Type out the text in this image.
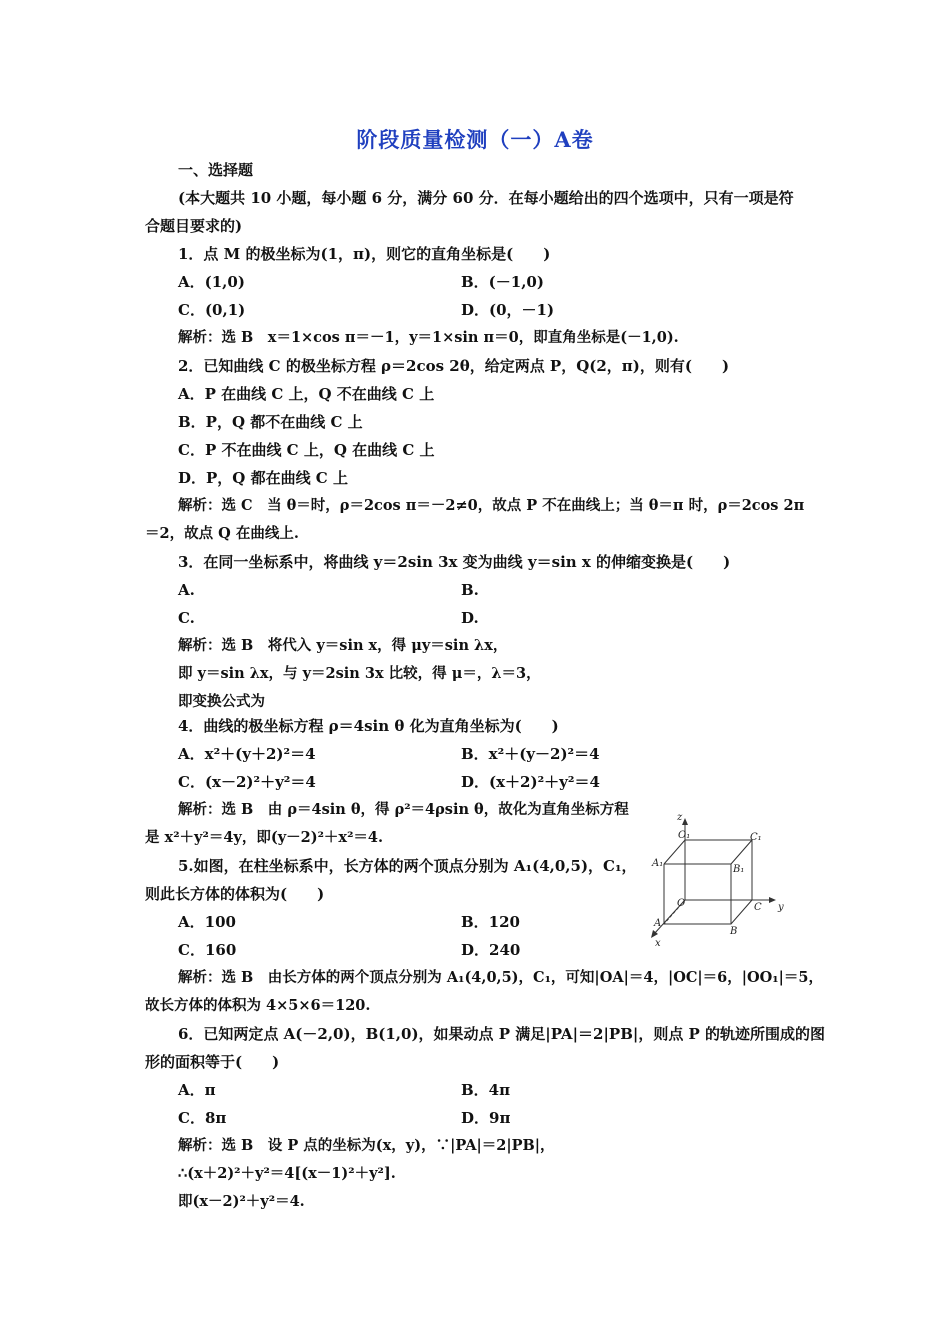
阶段质量检测（一）A卷
一、选择题
(本大题共 10 小题，每小题 6 分，满分 60 分．在每小题给出的四个选项中，只有一项是符
合题目要求的)
1．点 M 的极坐标为(1，π)，则它的直角坐标是(　　)
A．(1,0)	B．(－1,0)
C．(0,1)	D．(0，－1)
解析：选 B　x＝1×cos π＝－1，y＝1×sin π＝0，即直角坐标是(－1,0).
2．已知曲线 C 的极坐标方程 ρ＝2cos 2θ，给定两点 P，Q(2，π)，则有(　　)
A．P 在曲线 C 上，Q 不在曲线 C 上
B．P，Q 都不在曲线 C 上
C．P 不在曲线 C 上，Q 在曲线 C 上
D．P，Q 都在曲线 C 上
解析：选 C　当 θ＝时，ρ＝2cos π＝－2≠0，故点 P 不在曲线上；当 θ＝π 时，ρ＝2cos 2π
＝2，故点 Q 在曲线上.
3．在同一坐标系中，将曲线 y＝2sin 3x 变为曲线 y＝sin x 的伸缩变换是(　　)
A.	B.
C.	D.
解析：选 B　将代入 y＝sin x，得 μy＝sin λx，
即 y＝sin λx，与 y＝2sin 3x 比较，得 μ＝，λ＝3，
即变换公式为
4．曲线的极坐标方程 ρ＝4sin θ 化为直角坐标为(　　)
A．x²＋(y＋2)²＝4	B．x²＋(y－2)²＝4
C．(x－2)²＋y²＝4	D．(x＋2)²＋y²＝4
解析：选 B　由 ρ＝4sin θ，得 ρ²＝4ρsin θ，故化为直角坐标方程
是 x²＋y²＝4y，即(y－2)²＋x²＝4.
5.如图，在柱坐标系中，长方体的两个顶点分别为 A₁(4,0,5)，C₁，
则此长方体的体积为(　　)
A．100	B．120
C．160	D．240
z
y
x
O₁
O
A₁
A
B
B₁
C₁
C
解析：选 B　由长方体的两个顶点分别为 A₁(4,0,5)，C₁，可知|OA|＝4，|OC|＝6，|OO₁|＝5，
故长方体的体积为 4×5×6＝120.
6．已知两定点 A(－2,0)，B(1,0)，如果动点 P 满足|PA|＝2|PB|，则点 P 的轨迹所围成的图
形的面积等于(　　)
A．π	B．4π
C．8π	D．9π
解析：选 B　设 P 点的坐标为(x，y)，∵|PA|＝2|PB|，
∴(x＋2)²＋y²＝4[(x－1)²＋y²].
即(x－2)²＋y²＝4.
